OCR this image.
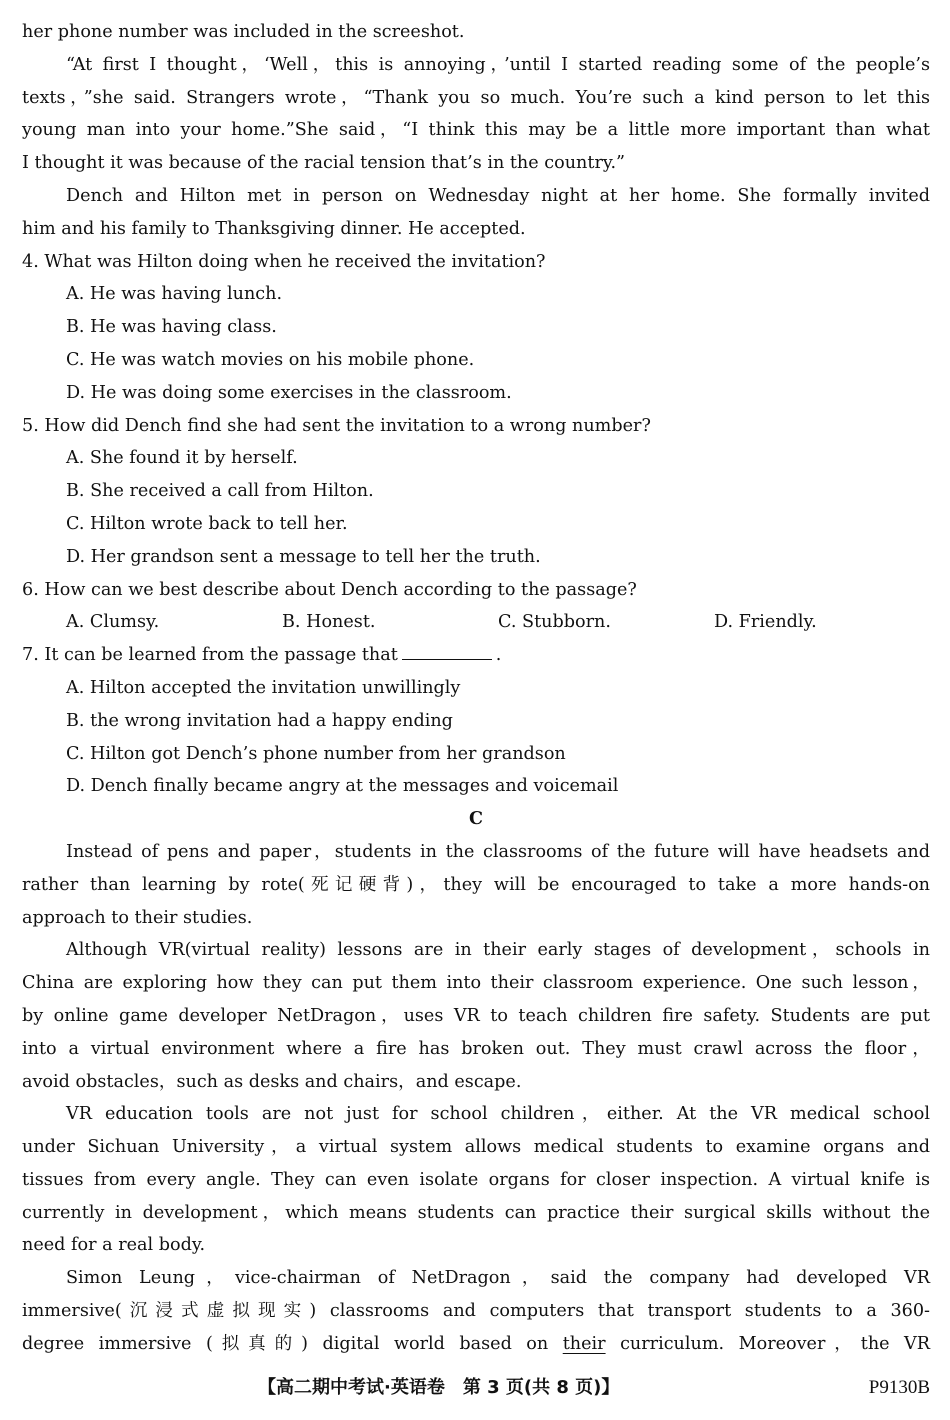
her phone number was included in the screeshot.

“At first I thought，‘Well，this is annoying，’until I started reading some of the people’s

texts，”she said. Strangers wrote，“Thank you so much. You’re such a kind person to let this

young man into your home.”She said，“I think this may be a little more important than what

I thought it was because of the racial tension that’s in the country.”

Dench and Hilton met in person on Wednesday night at her home. She formally invited

him and his family to Thanksgiving dinner. He accepted.

4. What was Hilton doing when he received the invitation?

A. He was having lunch.

B. He was having class.

C. He was watch movies on his mobile phone.

D. He was doing some exercises in the classroom.

5. How did Dench find she had sent the invitation to a wrong number?

A. She found it by herself.

B. She received a call from Hilton.

C. Hilton wrote back to tell her.

D. Her grandson sent a message to tell her the truth.

6. How can we best describe about Dench according to the passage?

A. Clumsy.	B. Honest.	C. Stubborn.	D. Friendly.

7. It can be learned from the passage that	.

A. Hilton accepted the invitation unwillingly

B. the wrong invitation had a happy ending

C. Hilton got Dench’s phone number from her grandson

D. Dench finally became angry at the messages and voicemail

C

Instead of pens and paper，students in the classrooms of the future will have headsets and

rather than learning by rote(死记硬背)，they will be encouraged to take a more hands-on

approach to their studies.

Although VR(virtual reality) lessons are in their early stages of development，schools in

China are exploring how they can put them into their classroom experience. One such lesson，

by online game developer NetDragon，uses VR to teach children fire safety. Students are put

into a virtual environment where a fire has broken out. They must crawl across the floor，

avoid obstacles，such as desks and chairs，and escape.

VR education tools are not just for school children，either. At the VR medical school

under Sichuan University，a virtual system allows medical students to examine organs and

tissues from every angle. They can even isolate organs for closer inspection. A virtual knife is

currently in development，which means students can practice their surgical skills without the

need for a real body.

Simon Leung，vice-chairman of NetDragon，said the company had developed VR

immersive(沉浸式虚拟现实) classrooms and computers that transport students to a 360-

degree immersive (拟真的) digital world based on their curriculum. Moreover，the VR

【高二期中考试·英语卷　第 3 页(共 8 页)】	P9130B
